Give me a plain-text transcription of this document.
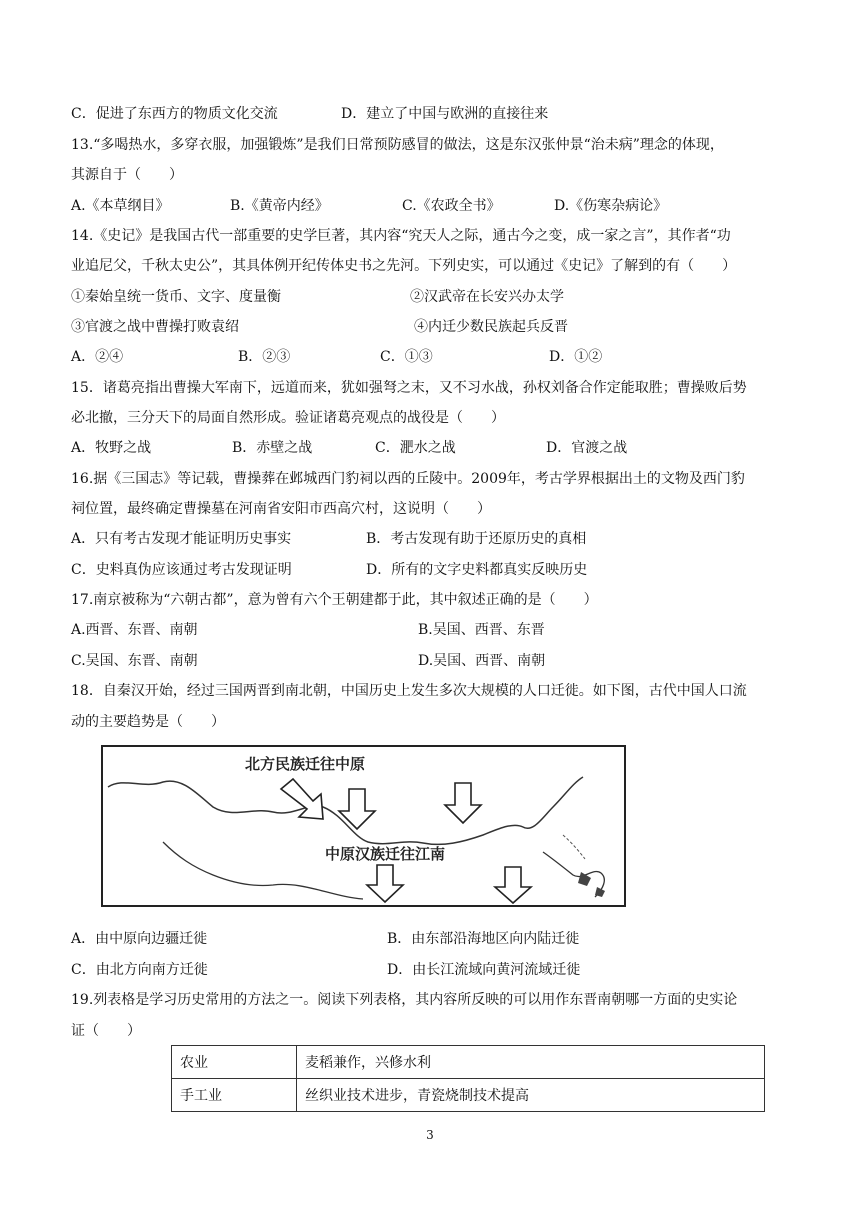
C．促进了东西方的物质文化交流	D．建立了中国与欧洲的直接往来
13.“多喝热水，多穿衣服，加强锻炼”是我们日常预防感冒的做法，这是东汉张仲景“治未病”理念的体现，
其源自于（　　）
A.《本草纲目》	B.《黄帝内经》	C.《农政全书》	D.《伤寒杂病论》
14.《史记》是我国古代一部重要的史学巨著，其内容“究天人之际，通古今之变，成一家之言”，其作者“功
业追尼父，千秋太史公”，其具体例开纪传体史书之先河。下列史实，可以通过《史记》了解到的有（　　）
①秦始皇统一货币、文字、度量衡	②汉武帝在长安兴办太学
③官渡之战中曹操打败袁绍	④内迁少数民族起兵反晋
A．②④	B．②③	C．①③	D．①②
15．诸葛亮指出曹操大军南下，远道而来，犹如强弩之末，又不习水战，孙权刘备合作定能取胜；曹操败后势
必北撤，三分天下的局面自然形成。验证诸葛亮观点的战役是（　　）
A．牧野之战	B．赤壁之战	C．淝水之战	D．官渡之战
16.据《三国志》等记载，曹操葬在邺城西门豹祠以西的丘陵中。2009年，考古学界根据出土的文物及西门豹
祠位置，最终确定曹操墓在河南省安阳市西高穴村，这说明（　　）
A．只有考古发现才能证明历史事实	B．考古发现有助于还原历史的真相
C．史料真伪应该通过考古发现证明	D．所有的文字史料都真实反映历史
17.南京被称为“六朝古都”，意为曾有六个王朝建都于此，其中叙述正确的是（　　）
A.西晋、东晋、南朝	B.吴国、西晋、东晋
C.吴国、东晋、南朝	D.吴国、西晋、南朝
18．自秦汉开始，经过三国两晋到南北朝，中国历史上发生多次大规模的人口迁徙。如下图，古代中国人口流
动的主要趋势是（　　）
北方民族迁往中原
中原汉族迁往江南
A．由中原向边疆迁徙	B．由东部沿海地区向内陆迁徙
C．由北方向南方迁徙	D．由长江流域向黄河流域迁徙
19.列表格是学习历史常用的方法之一。阅读下列表格，其内容所反映的可以用作东晋南朝哪一方面的史实论
证（　　）
农业	麦稻兼作，兴修水利
手工业	丝织业技术进步，青瓷烧制技术提高
3
